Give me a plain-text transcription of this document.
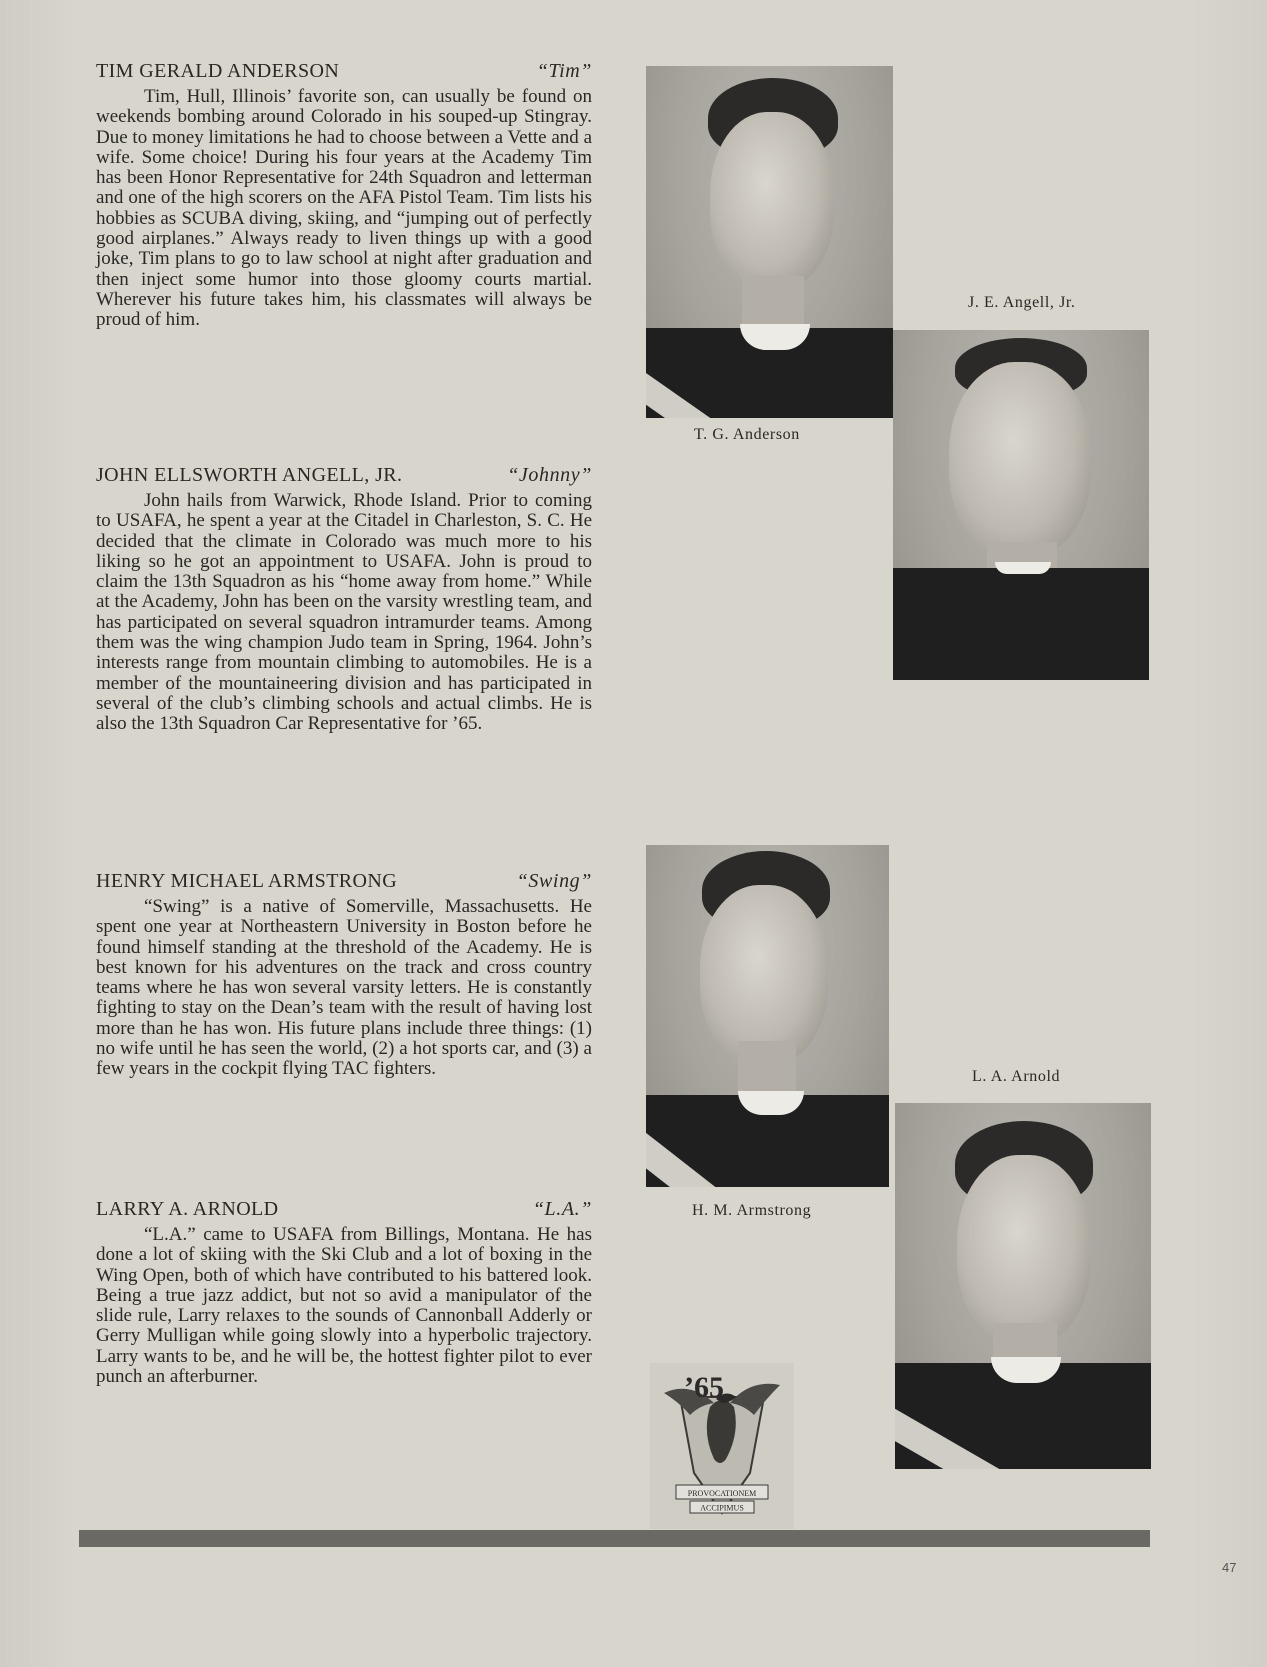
TIM GERALD ANDERSON	“Tim”

Tim, Hull, Illinois’ favorite son, can usually be found on weekends bombing around Colorado in his souped-up Stingray. Due to money limitations he had to choose between a Vette and a wife. Some choice! During his four years at the Academy Tim has been Honor Representative for 24th Squadron and letterman and one of the high scorers on the AFA Pistol Team. Tim lists his hobbies as SCUBA diving, skiing, and “jumping out of perfectly good airplanes.” Always ready to liven things up with a good joke, Tim plans to go to law school at night after graduation and then inject some humor into those gloomy courts martial. Wherever his future takes him, his classmates will always be proud of him.

JOHN ELLSWORTH ANGELL, JR.	“Johnny”

John hails from Warwick, Rhode Island. Prior to coming to USAFA, he spent a year at the Citadel in Charleston, S. C. He decided that the climate in Colorado was much more to his liking so he got an appointment to USAFA. John is proud to claim the 13th Squadron as his “home away from home.” While at the Academy, John has been on the varsity wrestling team, and has participated on several squadron intramurder teams. Among them was the wing champion Judo team in Spring, 1964. John’s interests range from mountain climbing to automobiles. He is a member of the mountaineering division and has participated in several of the club’s climbing schools and actual climbs. He is also the 13th Squadron Car Representative for ’65.

HENRY MICHAEL ARMSTRONG	“Swing”

“Swing” is a native of Somerville, Massachusetts. He spent one year at Northeastern University in Boston before he found himself standing at the threshold of the Academy. He is best known for his adventures on the track and cross country teams where he has won several varsity letters. He is constantly fighting to stay on the Dean’s team with the result of having lost more than he has won. His future plans include three things: (1) no wife until he has seen the world, (2) a hot sports car, and (3) a few years in the cockpit flying TAC fighters.

LARRY A. ARNOLD	“L.A.”

“L.A.” came to USAFA from Billings, Montana. He has done a lot of skiing with the Ski Club and a lot of boxing in the Wing Open, both of which have contributed to his battered look. Being a true jazz addict, but not so avid a manipulator of the slide rule, Larry relaxes to the sounds of Cannonball Adderly or Gerry Mulligan while going slowly into a hyperbolic trajectory. Larry wants to be, and he will be, the hottest fighter pilot to ever punch an afterburner.

T. G. Anderson
J. E. Angell, Jr.
H. M. Armstrong
L. A. Arnold
’65
PROVOCATIONEM
ACCIPIMUS
47
